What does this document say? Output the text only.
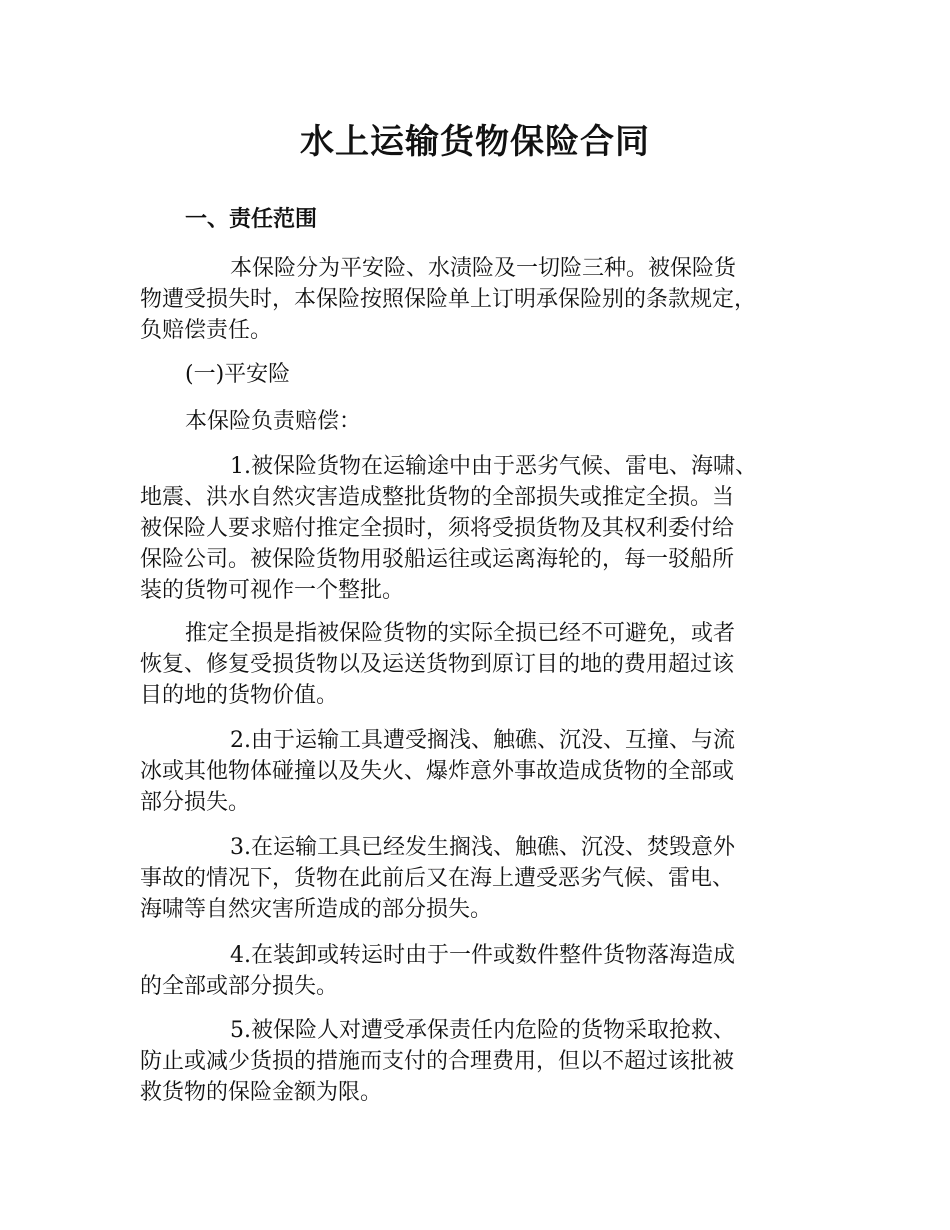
水上运输货物保险合同
一、责任范围

本保险分为平安险、水渍险及一切险三种。被保险货
物遭受损失时，本保险按照保险单上订明承保险别的条款规定，
负赔偿责任。

(一)平安险

本保险负责赔偿：

1.被保险货物在运输途中由于恶劣气候、雷电、海啸、
地震、洪水自然灾害造成整批货物的全部损失或推定全损。当
被保险人要求赔付推定全损时，须将受损货物及其权利委付给
保险公司。被保险货物用驳船运往或运离海轮的，每一驳船所
装的货物可视作一个整批。

推定全损是指被保险货物的实际全损已经不可避免，或者
恢复、修复受损货物以及运送货物到原订目的地的费用超过该
目的地的货物价值。

2.由于运输工具遭受搁浅、触礁、沉没、互撞、与流
冰或其他物体碰撞以及失火、爆炸意外事故造成货物的全部或
部分损失。

3.在运输工具已经发生搁浅、触礁、沉没、焚毁意外
事故的情况下，货物在此前后又在海上遭受恶劣气候、雷电、
海啸等自然灾害所造成的部分损失。

4.在装卸或转运时由于一件或数件整件货物落海造成
的全部或部分损失。

5.被保险人对遭受承保责任内危险的货物采取抢救、
防止或减少货损的措施而支付的合理费用，但以不超过该批被
救货物的保险金额为限。
